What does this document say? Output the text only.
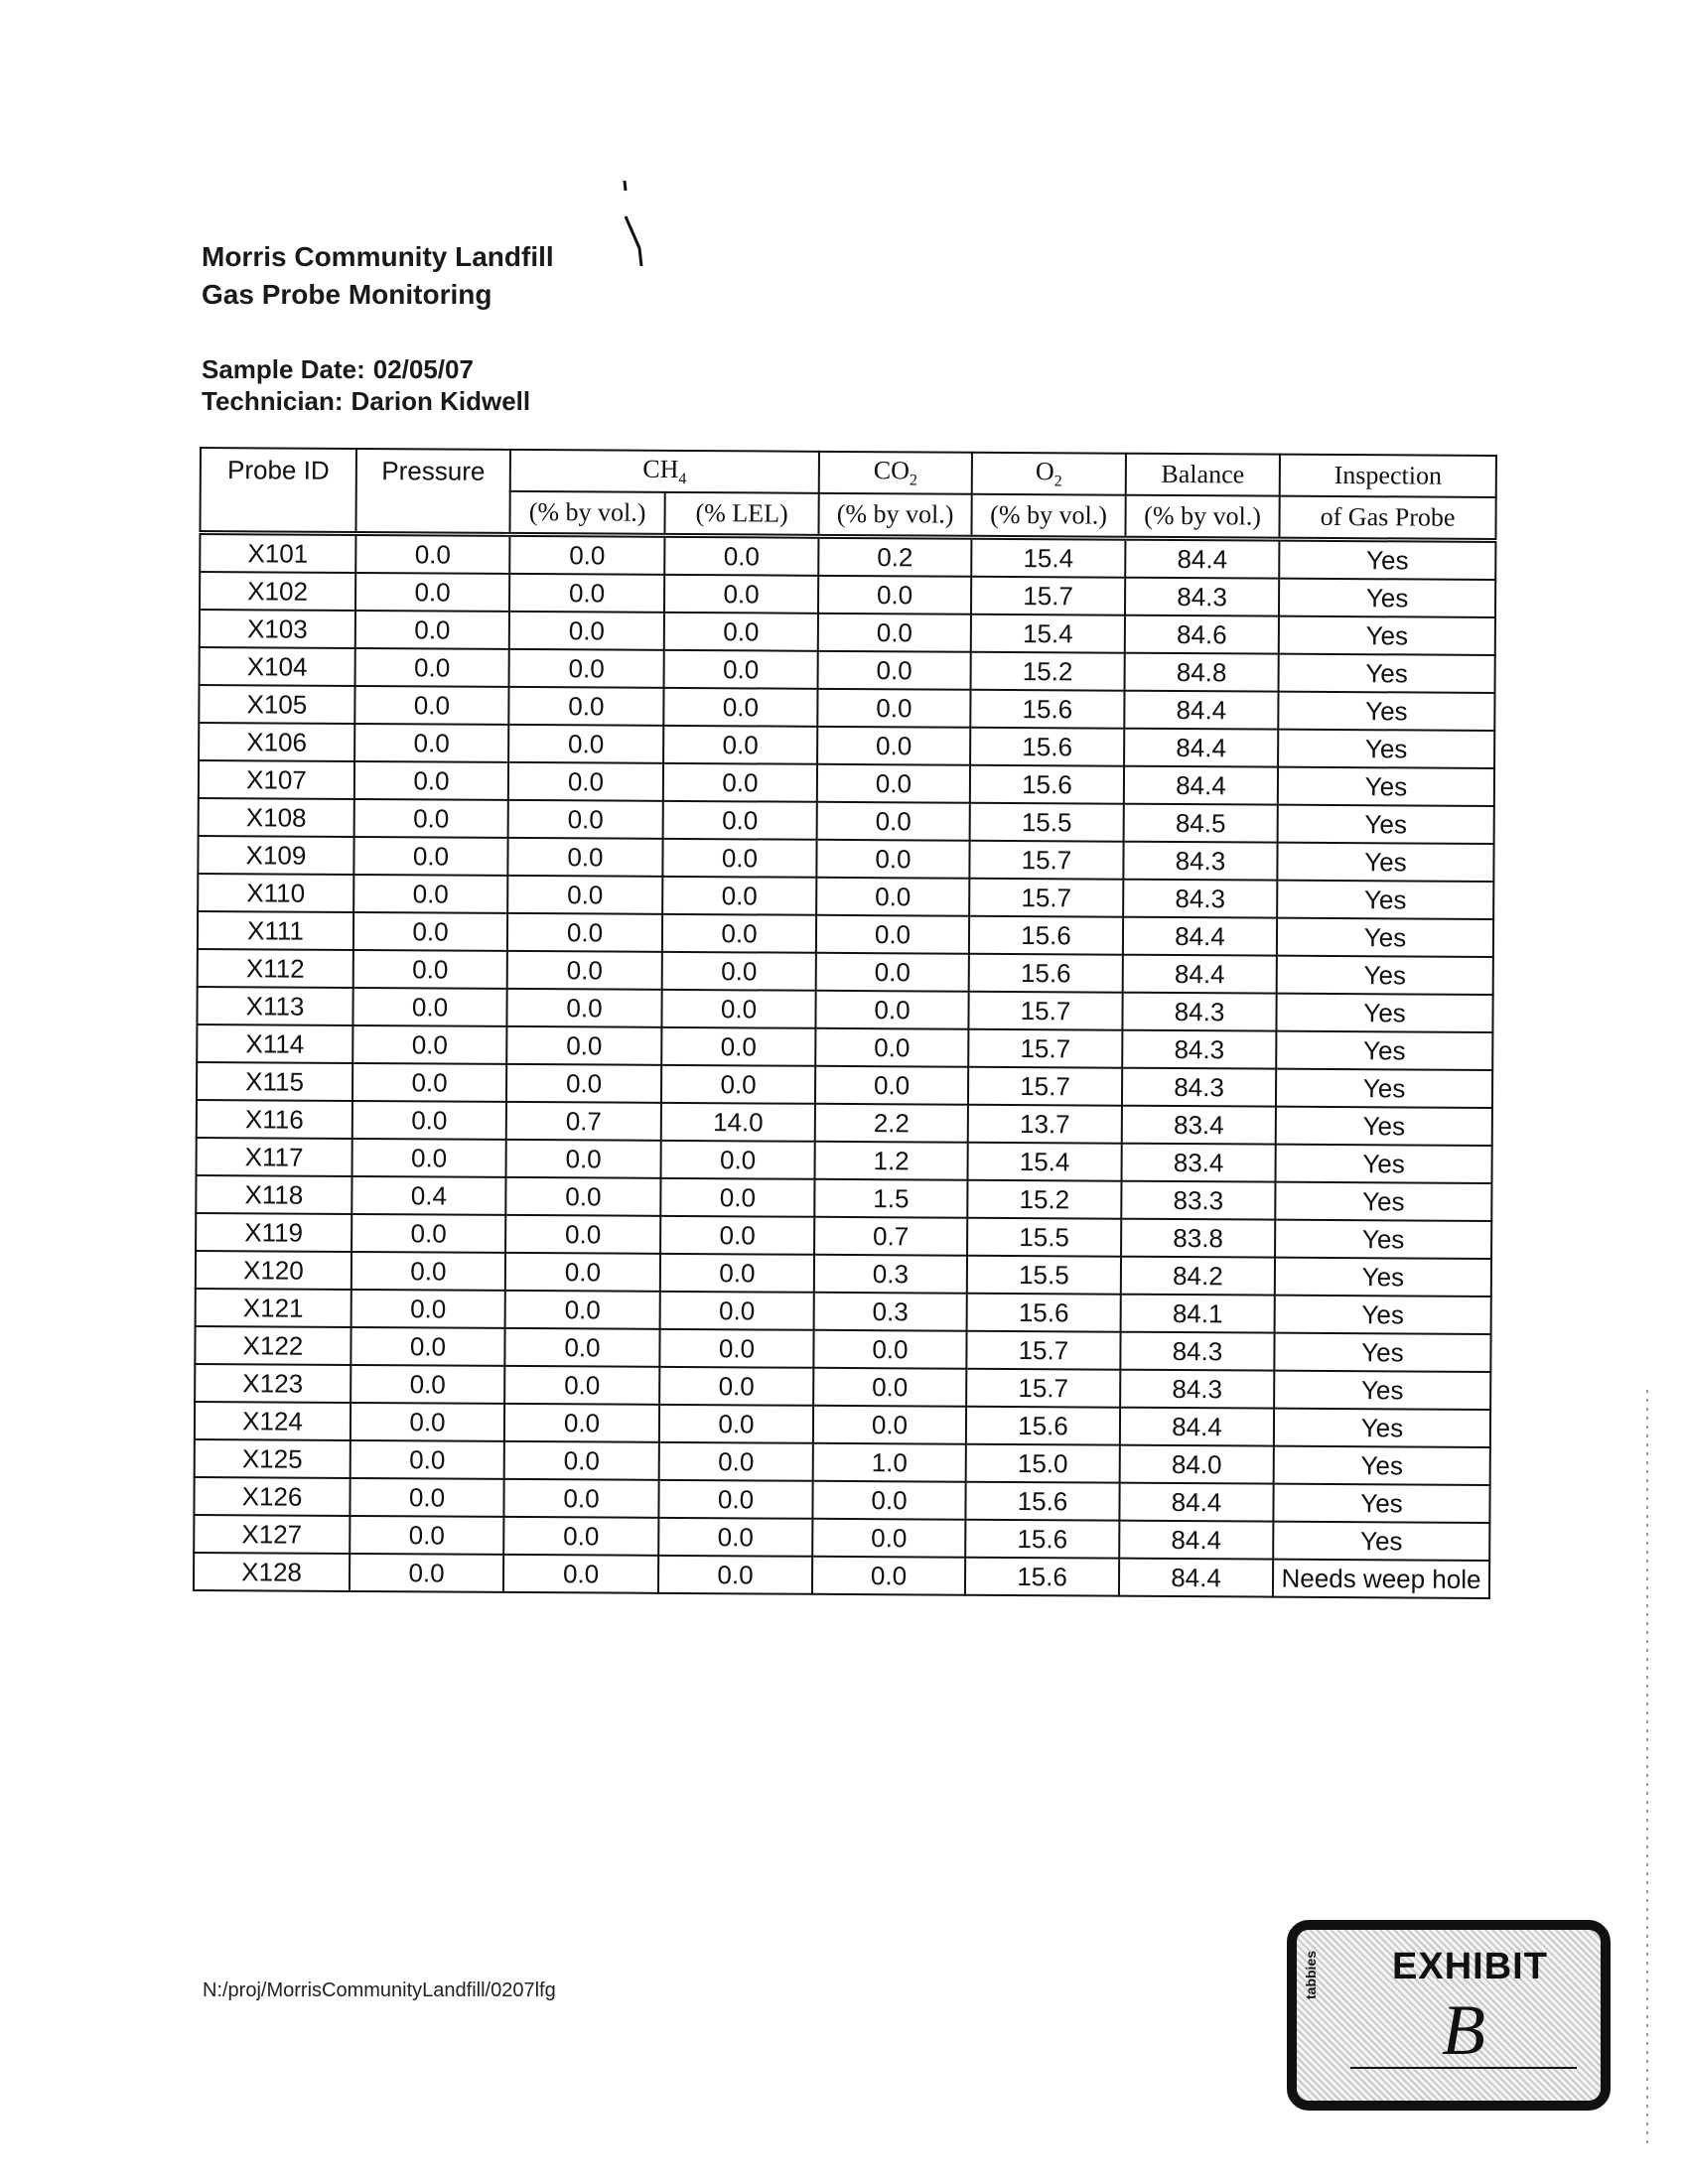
Morris Community Landfill
Gas Probe Monitoring
Sample Date: 02/05/07
Technician: Darion Kidwell
Probe ID	Pressure	$CH_4$		$CO_2$	$O_2$	Balance	Inspection
		(% by vol.)	(% LEL)	(% by vol.)	(% by vol.)	(% by vol.)	of Gas Probe
X101	0.0	0.0	0.0	0.2	15.4	84.4	Yes
X102	0.0	0.0	0.0	0.0	15.7	84.3	Yes
X103	0.0	0.0	0.0	0.0	15.4	84.6	Yes
X104	0.0	0.0	0.0	0.0	15.2	84.8	Yes
X105	0.0	0.0	0.0	0.0	15.6	84.4	Yes
X106	0.0	0.0	0.0	0.0	15.6	84.4	Yes
X107	0.0	0.0	0.0	0.0	15.6	84.4	Yes
X108	0.0	0.0	0.0	0.0	15.5	84.5	Yes
X109	0.0	0.0	0.0	0.0	15.7	84.3	Yes
X110	0.0	0.0	0.0	0.0	15.7	84.3	Yes
X111	0.0	0.0	0.0	0.0	15.6	84.4	Yes
X112	0.0	0.0	0.0	0.0	15.6	84.4	Yes
X113	0.0	0.0	0.0	0.0	15.7	84.3	Yes
X114	0.0	0.0	0.0	0.0	15.7	84.3	Yes
X115	0.0	0.0	0.0	0.0	15.7	84.3	Yes
X116	0.0	0.7	14.0	2.2	13.7	83.4	Yes
X117	0.0	0.0	0.0	1.2	15.4	83.4	Yes
X118	0.4	0.0	0.0	1.5	15.2	83.3	Yes
X119	0.0	0.0	0.0	0.7	15.5	83.8	Yes
X120	0.0	0.0	0.0	0.3	15.5	84.2	Yes
X121	0.0	0.0	0.0	0.3	15.6	84.1	Yes
X122	0.0	0.0	0.0	0.0	15.7	84.3	Yes
X123	0.0	0.0	0.0	0.0	15.7	84.3	Yes
X124	0.0	0.0	0.0	0.0	15.6	84.4	Yes
X125	0.0	0.0	0.0	1.0	15.0	84.0	Yes
X126	0.0	0.0	0.0	0.0	15.6	84.4	Yes
X127	0.0	0.0	0.0	0.0	15.6	84.4	Yes
X128	0.0	0.0	0.0	0.0	15.6	84.4	Needs weep hole
N:/proj/MorrisCommunityLandfill/0207lfg	tabbies EXHIBIT
B
